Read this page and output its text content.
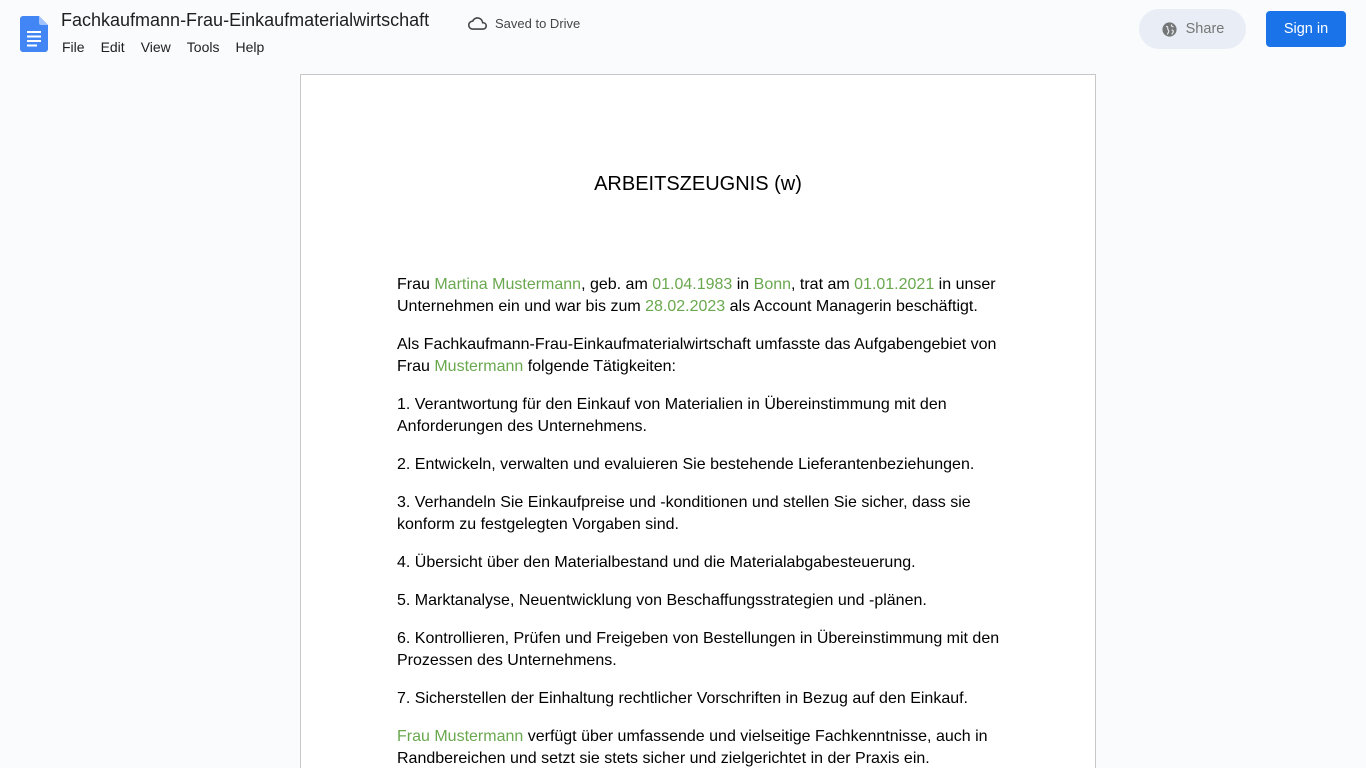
Fachkaufmann-Frau-Einkaufmaterialwirtschaft	Saved to Drive
File	Edit	View	Tools	Help
Share	Sign in
ARBEITSZEUGNIS (w)

Frau Martina Mustermann, geb. am 01.04.1983 in Bonn, trat am 01.01.2021 in unser Unternehmen ein und war bis zum 28.02.2023 als Account Managerin beschäftigt.

Als Fachkaufmann-Frau-Einkaufmaterialwirtschaft umfasste das Aufgabengebiet von Frau Mustermann folgende Tätigkeiten:

1. Verantwortung für den Einkauf von Materialien in Übereinstimmung mit den Anforderungen des Unternehmens.

2. Entwickeln, verwalten und evaluieren Sie bestehende Lieferantenbeziehungen.

3. Verhandeln Sie Einkaufpreise und -konditionen und stellen Sie sicher, dass sie konform zu festgelegten Vorgaben sind.

4. Übersicht über den Materialbestand und die Materialabgabesteuerung.

5. Marktanalyse, Neuentwicklung von Beschaffungsstrategien und -plänen.

6. Kontrollieren, Prüfen und Freigeben von Bestellungen in Übereinstimmung mit den Prozessen des Unternehmens.

7. Sicherstellen der Einhaltung rechtlicher Vorschriften in Bezug auf den Einkauf.

Frau Mustermann verfügt über umfassende und vielseitige Fachkenntnisse, auch in Randbereichen und setzt sie stets sicher und zielgerichtet in der Praxis ein.
